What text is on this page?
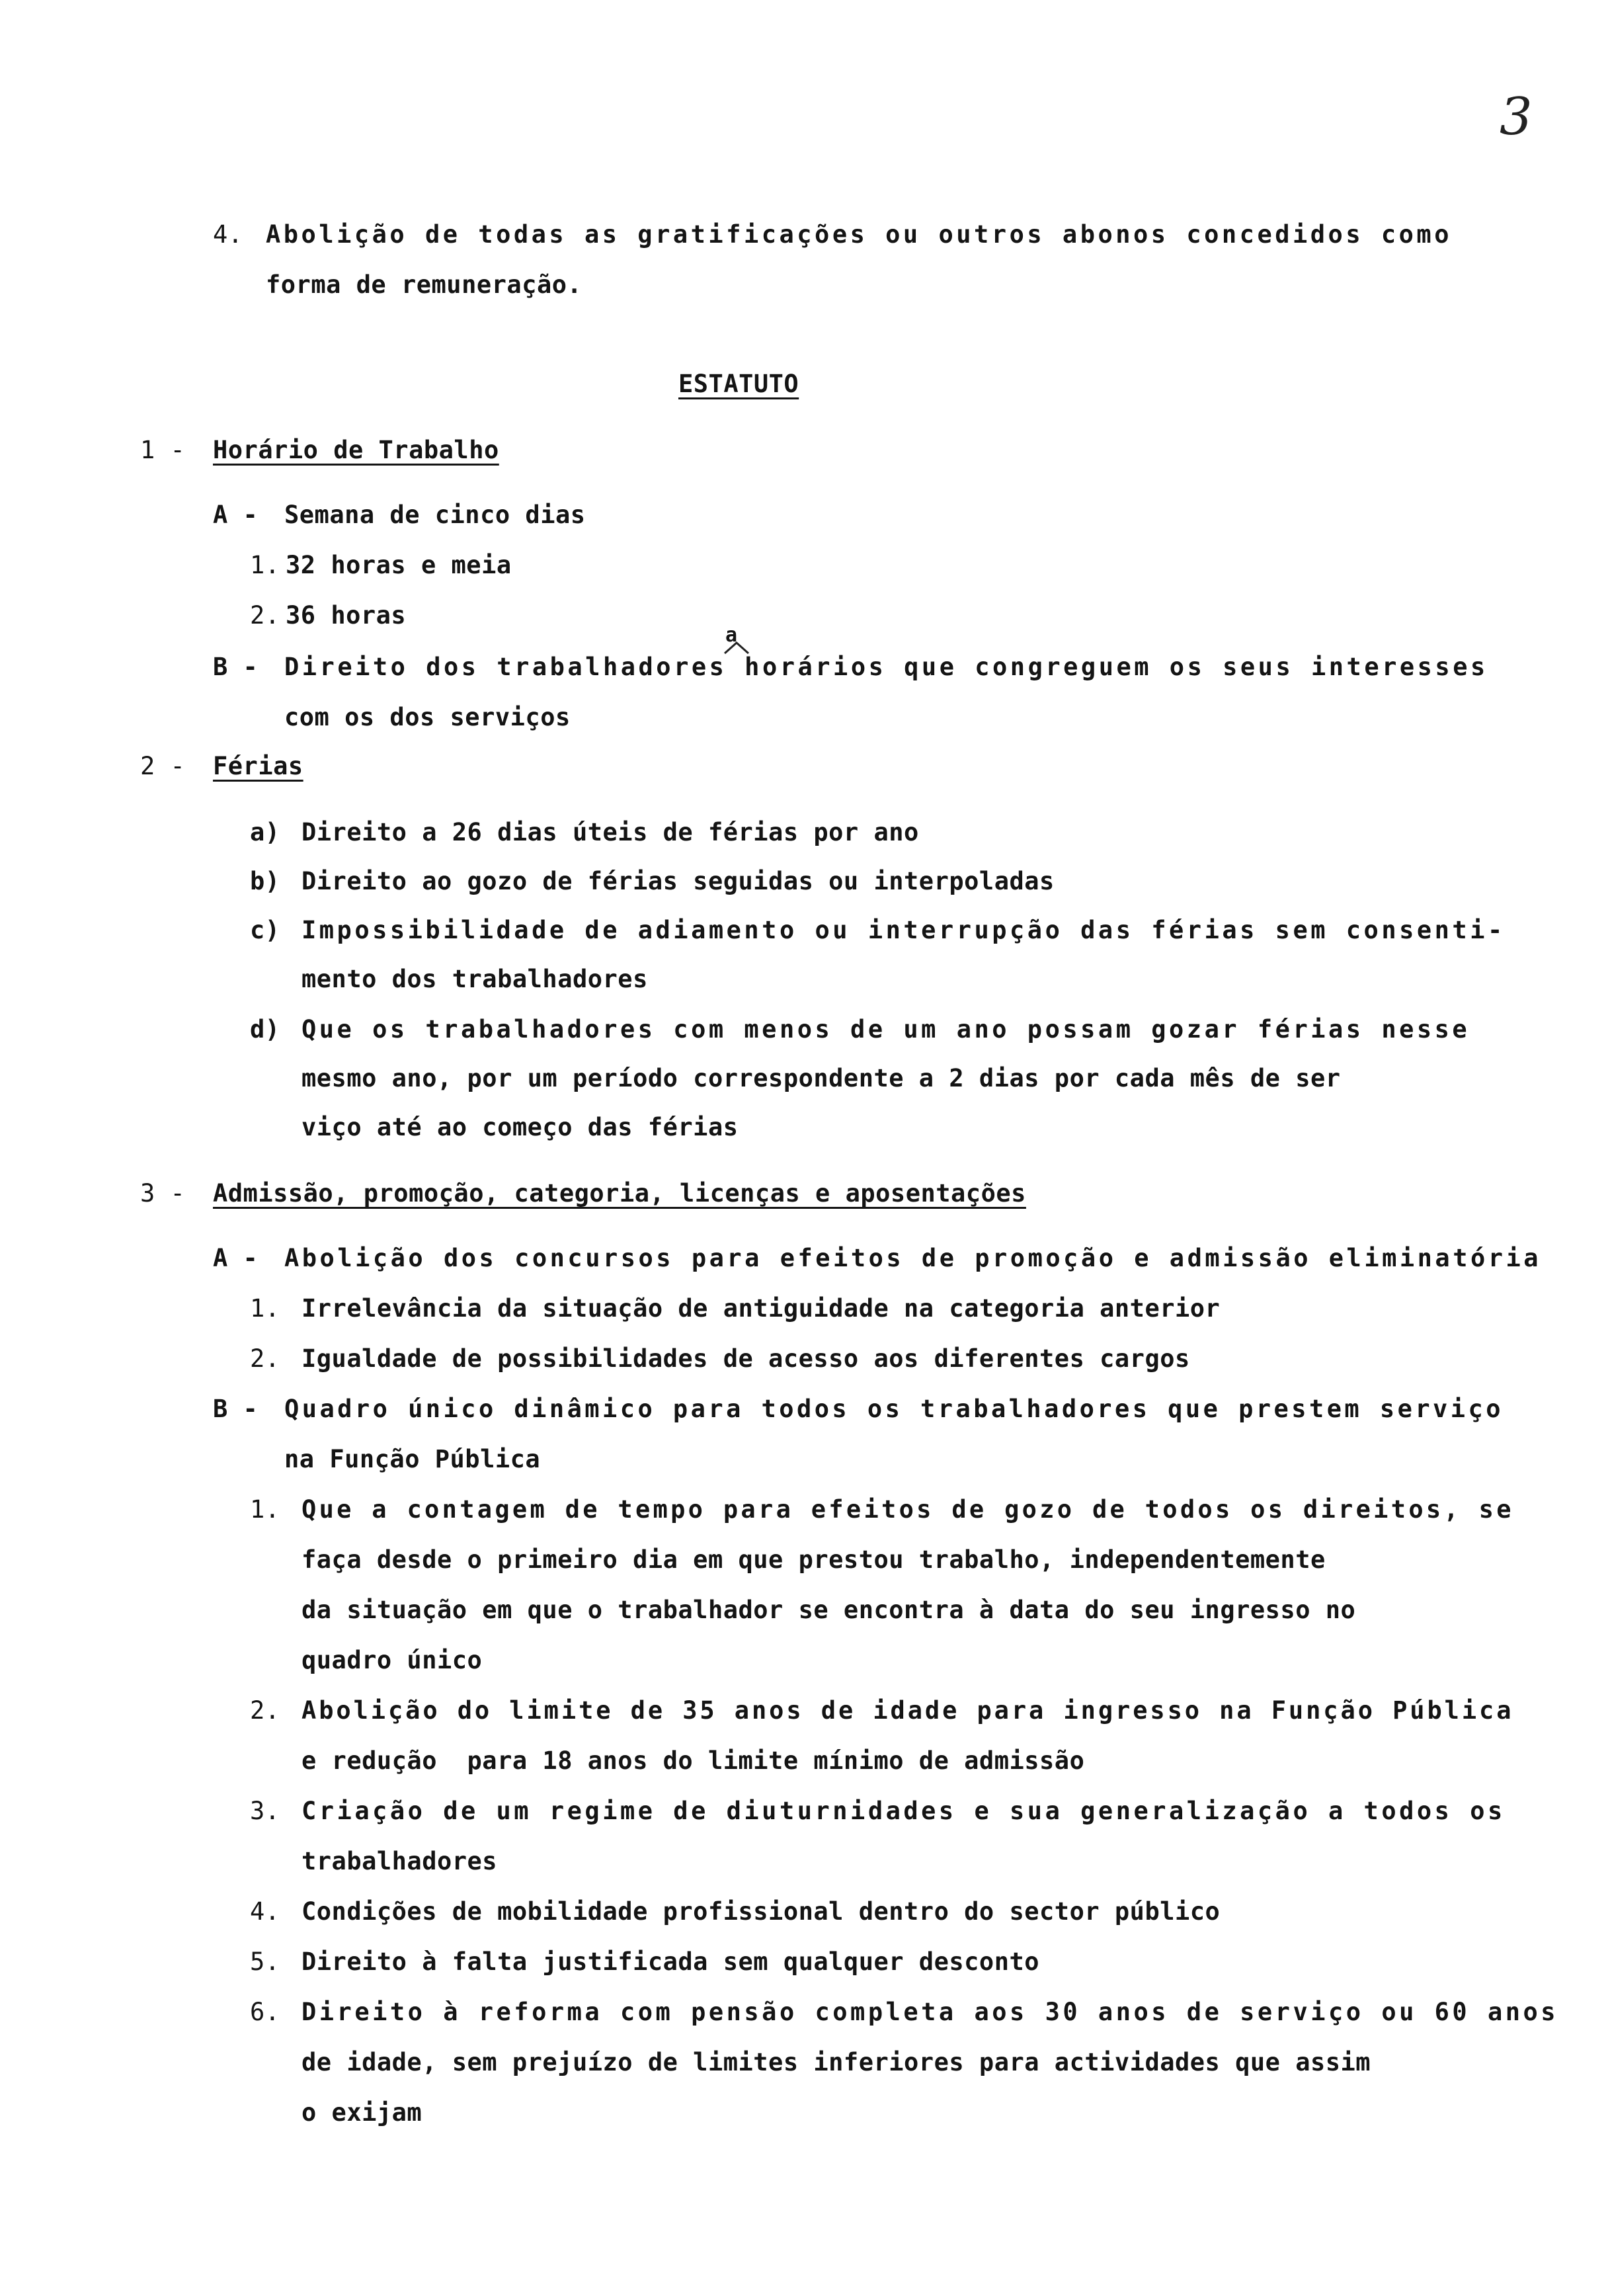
3
4. Abolição de todas as gratificações ou outros abonos concedidos como
forma de remuneração.
ESTATUTO
1 - Horário de Trabalho
A - Semana de cinco dias
1. 32 horas e meia
2. 36 horas
B - Direito dos trabalhadores horários que congreguem os seus interesses
com os dos serviços
a
2 - Férias
a) Direito a 26 dias úteis de férias por ano
b) Direito ao gozo de férias seguidas ou interpoladas
c) Impossibilidade de adiamento ou interrupção das férias sem consenti-
mento dos trabalhadores
d) Que os trabalhadores com menos de um ano possam gozar férias nesse
mesmo ano, por um período correspondente a 2 dias por cada mês de ser
viço até ao começo das férias
3 - Admissão, promoção, categoria, licenças e aposentações
A - Abolição dos concursos para efeitos de promoção e admissão eliminatória
1. Irrelevância da situação de antiguidade na categoria anterior
2. Igualdade de possibilidades de acesso aos diferentes cargos
B - Quadro único dinâmico para todos os trabalhadores que prestem serviço
na Função Pública
1. Que a contagem de tempo para efeitos de gozo de todos os direitos, se
faça desde o primeiro dia em que prestou trabalho, independentemente
da situação em que o trabalhador se encontra à data do seu ingresso no
quadro único
2. Abolição do limite de 35 anos de idade para ingresso na Função Pública
e redução  para 18 anos do limite mínimo de admissão
3. Criação de um regime de diuturnidades e sua generalização a todos os
trabalhadores
4. Condições de mobilidade profissional dentro do sector público
5. Direito à falta justificada sem qualquer desconto
6. Direito à reforma com pensão completa aos 30 anos de serviço ou 60 anos
de idade, sem prejuízo de limites inferiores para actividades que assim
o exijam
